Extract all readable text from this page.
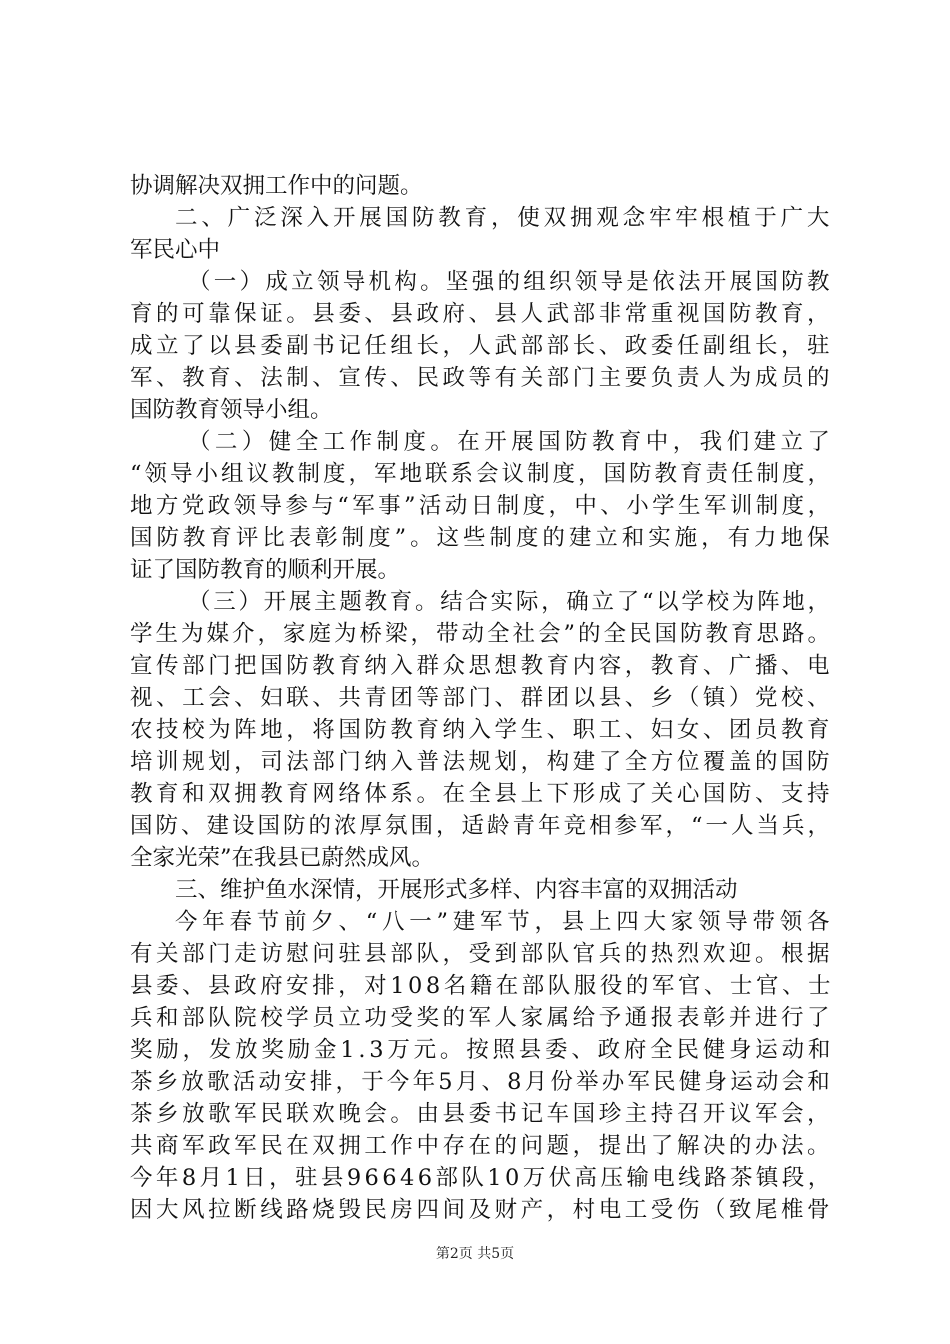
协调解决双拥工作中的问题。
二、广泛深入开展国防教育，使双拥观念牢牢根植于广大
军民心中
（一）成立领导机构。坚强的组织领导是依法开展国防教
育的可靠保证。县委、县政府、县人武部非常重视国防教育，
成立了以县委副书记任组长，人武部部长、政委任副组长，驻
军、教育、法制、宣传、民政等有关部门主要负责人为成员的
国防教育领导小组。
（二）健全工作制度。在开展国防教育中，我们建立了
“领导小组议教制度，军地联系会议制度，国防教育责任制度，
地方党政领导参与“军事”活动日制度，中、小学生军训制度，
国防教育评比表彰制度”。这些制度的建立和实施，有力地保
证了国防教育的顺利开展。
（三）开展主题教育。结合实际，确立了“以学校为阵地，
学生为媒介，家庭为桥梁，带动全社会”的全民国防教育思路。
宣传部门把国防教育纳入群众思想教育内容，教育、广播、电
视、工会、妇联、共青团等部门、群团以县、乡（镇）党校、
农技校为阵地，将国防教育纳入学生、职工、妇女、团员教育
培训规划，司法部门纳入普法规划，构建了全方位覆盖的国防
教育和双拥教育网络体系。在全县上下形成了关心国防、支持
国防、建设国防的浓厚氛围，适龄青年竞相参军，“一人当兵，
全家光荣”在我县已蔚然成风。
三、维护鱼水深情，开展形式多样、内容丰富的双拥活动
今年春节前夕、“八一”建军节，县上四大家领导带领各
有关部门走访慰问驻县部队，受到部队官兵的热烈欢迎。根据
县委、县政府安排，对108名籍在部队服役的军官、士官、士
兵和部队院校学员立功受奖的军人家属给予通报表彰并进行了
奖励，发放奖励金1.3万元。按照县委、政府全民健身运动和
茶乡放歌活动安排，于今年5月、8月份举办军民健身运动会和
茶乡放歌军民联欢晚会。由县委书记车国珍主持召开议军会，
共商军政军民在双拥工作中存在的问题，提出了解决的办法。
今年8月1日，驻县96646部队10万伏高压输电线路茶镇段，
因大风拉断线路烧毁民房四间及财产，村电工受伤（致尾椎骨
第2页 共5页
